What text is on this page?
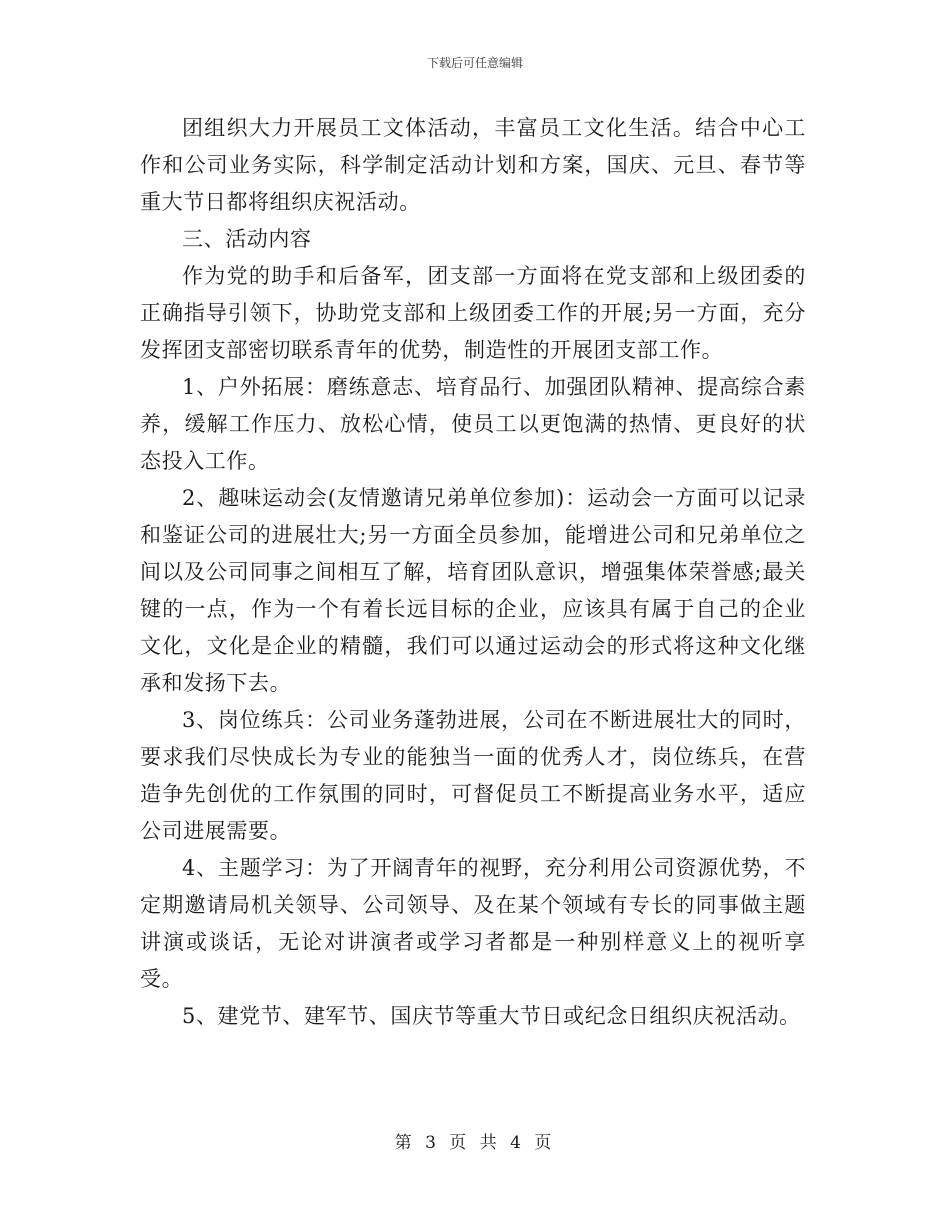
下载后可任意编辑

团组织大力开展员工文体活动，丰富员工文化生活。结合中心工作和公司业务实际，科学制定活动计划和方案，国庆、元旦、春节等重大节日都将组织庆祝活动。

三、活动内容

作为党的助手和后备军，团支部一方面将在党支部和上级团委的正确指导引领下，协助党支部和上级团委工作的开展;另一方面，充分发挥团支部密切联系青年的优势，制造性的开展团支部工作。

1、户外拓展：磨练意志、培育品行、加强团队精神、提高综合素养，缓解工作压力、放松心情，使员工以更饱满的热情、更良好的状态投入工作。

2、趣味运动会(友情邀请兄弟单位参加)：运动会一方面可以记录和鉴证公司的进展壮大;另一方面全员参加，能增进公司和兄弟单位之间以及公司同事之间相互了解，培育团队意识，增强集体荣誉感;最关键的一点，作为一个有着长远目标的企业，应该具有属于自己的企业文化，文化是企业的精髓，我们可以通过运动会的形式将这种文化继承和发扬下去。

3、岗位练兵：公司业务蓬勃进展，公司在不断进展壮大的同时，要求我们尽快成长为专业的能独当一面的优秀人才，岗位练兵，在营造争先创优的工作氛围的同时，可督促员工不断提高业务水平，适应公司进展需要。

4、主题学习：为了开阔青年的视野，充分利用公司资源优势，不定期邀请局机关领导、公司领导、及在某个领域有专长的同事做主题讲演或谈话，无论对讲演者或学习者都是一种别样意义上的视听享受。

5、建党节、建军节、国庆节等重大节日或纪念日组织庆祝活动。

第 3 页 共 4 页
